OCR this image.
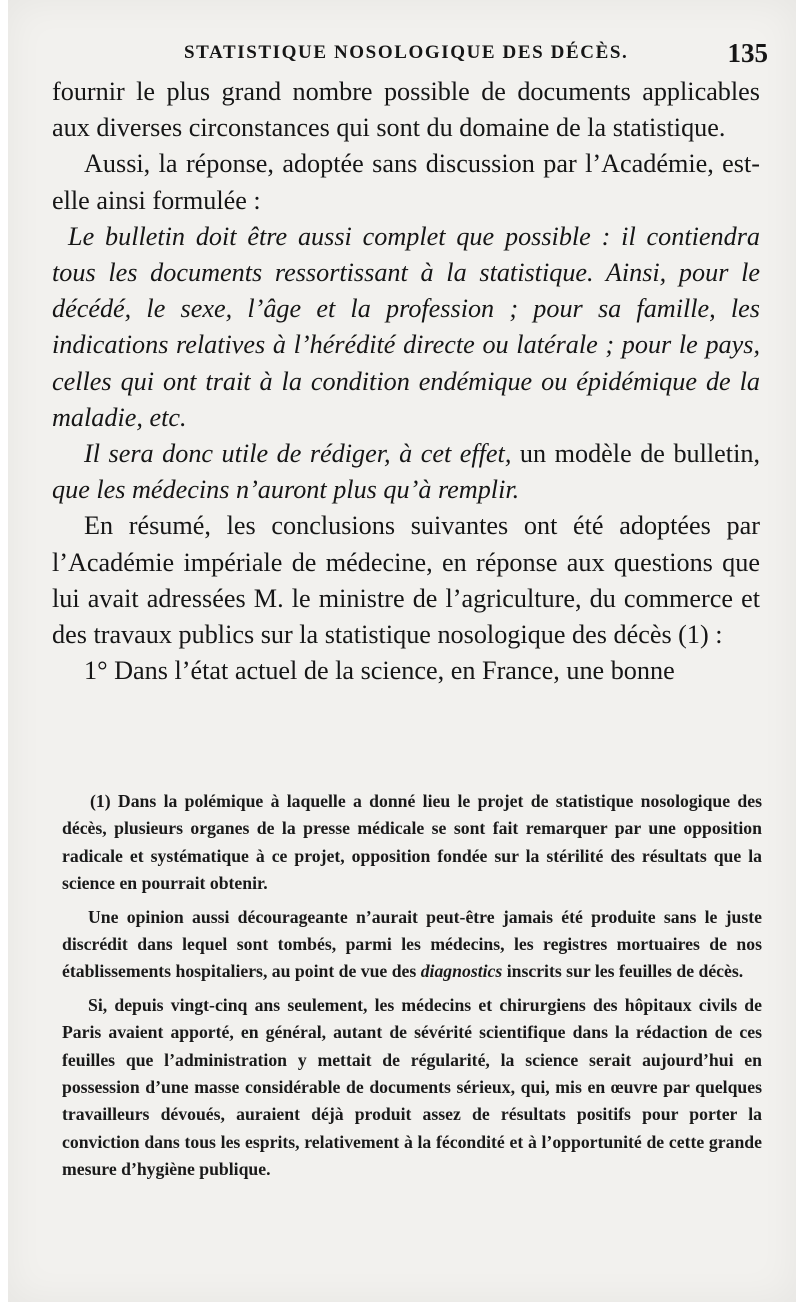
STATISTIQUE NOSOLOGIQUE DES DÉCÈS.	135

fournir le plus grand nombre possible de documents applicables aux diverses circonstances qui sont du domaine de la statistique.

Aussi, la réponse, adoptée sans discussion par l’Académie, est-elle ainsi formulée :

Le bulletin doit être aussi complet que possible : il contiendra tous les documents ressortissant à la statistique. Ainsi, pour le décédé, le sexe, l’âge et la profession ; pour sa famille, les indications relatives à l’hérédité directe ou latérale ; pour le pays, celles qui ont trait à la condition endémique ou épidémique de la maladie, etc.

Il sera donc utile de rédiger, à cet effet, un modèle de bulletin, que les médecins n’auront plus qu’à remplir.

En résumé, les conclusions suivantes ont été adoptées par l’Académie impériale de médecine, en réponse aux questions que lui avait adressées M. le ministre de l’agriculture, du commerce et des travaux publics sur la statistique nosologique des décès (1) :

1° Dans l’état actuel de la science, en France, une bonne

(1) Dans la polémique à laquelle a donné lieu le projet de statistique nosologique des décès, plusieurs organes de la presse médicale se sont fait remarquer par une opposition radicale et systématique à ce projet, opposition fondée sur la stérilité des résultats que la science en pourrait obtenir.

Une opinion aussi décourageante n’aurait peut-être jamais été produite sans le juste discrédit dans lequel sont tombés, parmi les médecins, les registres mortuaires de nos établissements hospitaliers, au point de vue des diagnostics inscrits sur les feuilles de décès.

Si, depuis vingt-cinq ans seulement, les médecins et chirurgiens des hôpitaux civils de Paris avaient apporté, en général, autant de sévérité scientifique dans la rédaction de ces feuilles que l’administration y mettait de régularité, la science serait aujourd’hui en possession d’une masse considérable de documents sérieux, qui, mis en œuvre par quelques travailleurs dévoués, auraient déjà produit assez de résultats positifs pour porter la conviction dans tous les esprits, relativement à la fécondité et à l’opportunité de cette grande mesure d’hygiène publique.
